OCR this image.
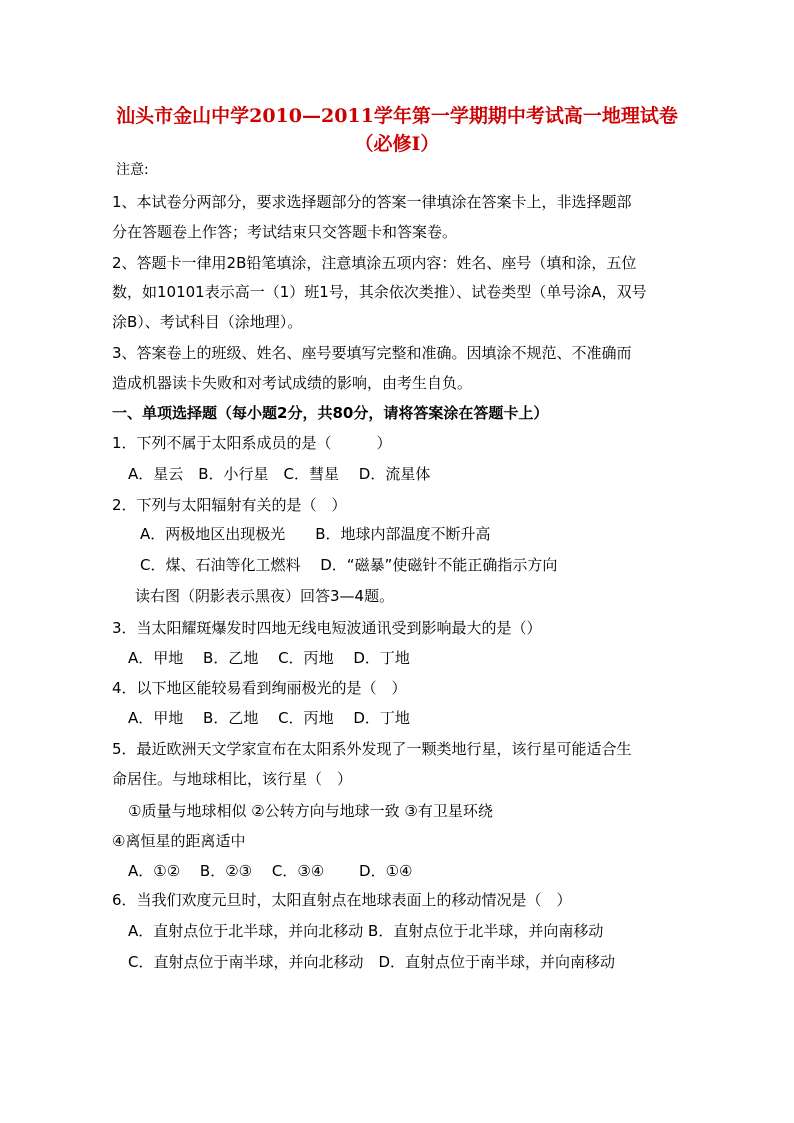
汕头市金山中学2010—2011学年第一学期期中考试高一地理试卷
（必修Ⅰ）
注意:
1、本试卷分两部分，要求选择题部分的答案一律填涂在答案卡上，非选择题部
分在答题卷上作答；考试结束只交答题卡和答案卷。
2、答题卡一律用2B铅笔填涂，注意填涂五项内容：姓名、座号（填和涂，五位
数，如10101表示高一（1）班1号，其余依次类推）、试卷类型（单号涂A，双号
涂B）、考试科目（涂地理）。
3、答案卷上的班级、姓名、座号要填写完整和准确。因填涂不规范、不准确而
造成机器读卡失败和对考试成绩的影响，由考生自负。
一、单项选择题（每小题2分，共80分，请将答案涂在答题卡上）
1．下列不属于太阳系成员的是（　　　）
A．星云　B．小行星　C．彗星　 D．流星体
2．下列与太阳辐射有关的是（　）
A．两极地区出现极光　　B．地球内部温度不断升高
C．煤、石油等化工燃料　 D．“磁暴”使磁针不能正确指示方向
读右图（阴影表示黑夜）回答3—4题。
3．当太阳耀斑爆发时四地无线电短波通讯受到影响最大的是（）
A．甲地　 B．乙地　 C．丙地　 D．丁地
4．以下地区能较易看到绚丽极光的是（　）
A．甲地　 B．乙地　 C．丙地　 D．丁地
5．最近欧洲天文学家宣布在太阳系外发现了一颗类地行星，该行星可能适合生
命居住。与地球相比，该行星（　）
①质量与地球相似 ②公转方向与地球一致 ③有卫星环绕
④离恒星的距离适中
A．①②　 B．②③　 C．③④　　 D．①④
6．当我们欢度元旦时，太阳直射点在地球表面上的移动情况是（　）
A．直射点位于北半球，并向北移动 B．直射点位于北半球，并向南移动
C．直射点位于南半球，并向北移动　D．直射点位于南半球，并向南移动
